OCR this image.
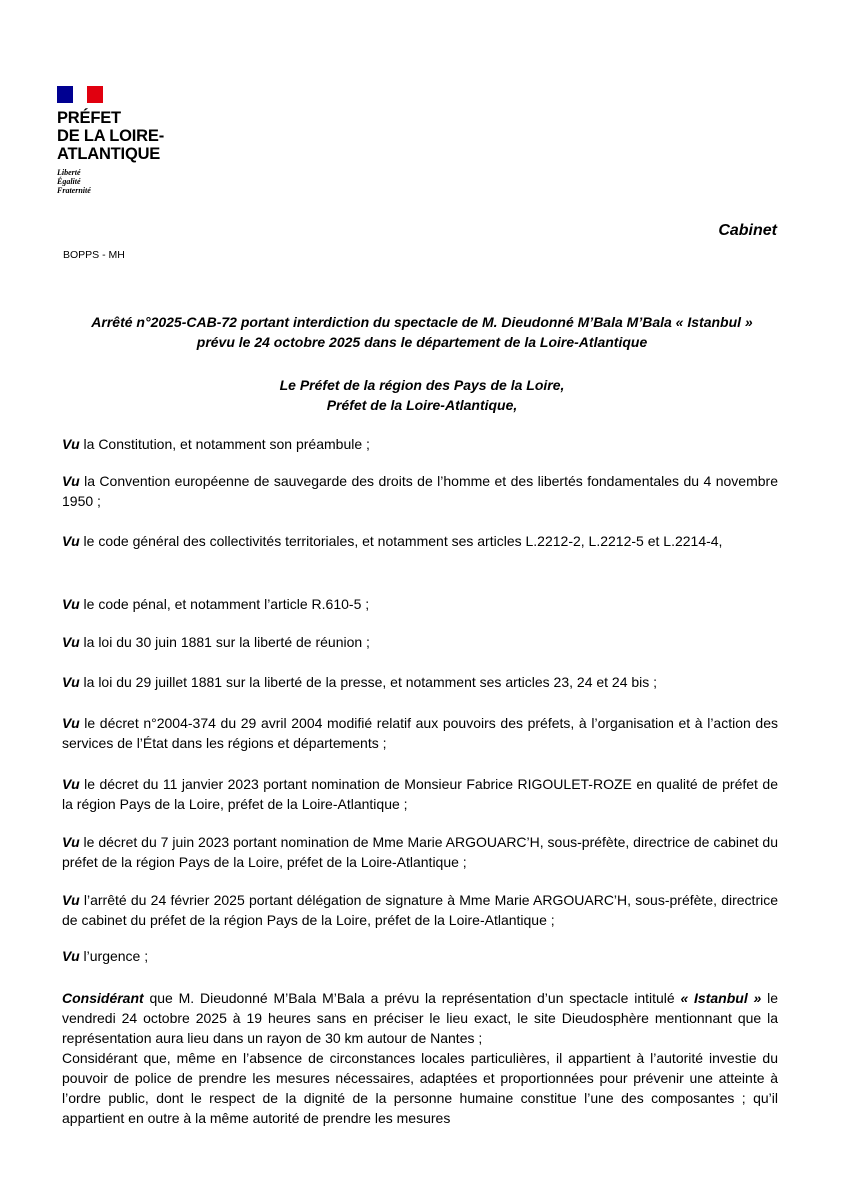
PRÉFET
DE LA LOIRE-
ATLANTIQUE
Liberté
Égalité
Fraternité
Cabinet
BOPPS - MH
Arrêté n°2025-CAB-72 portant interdiction du spectacle de M. Dieudonné M’Bala M’Bala « Istanbul »
prévu le 24 octobre 2025 dans le département de la Loire-Atlantique
Le Préfet de la région des Pays de la Loire,
Préfet de la Loire-Atlantique,
Vu la Constitution, et notamment son préambule ;
Vu la Convention européenne de sauvegarde des droits de l’homme et des libertés fondamentales du 4 novembre 1950 ;
Vu le code général des collectivités territoriales, et notamment ses articles L.2212-2, L.2212-5 et L.2214-4,
Vu le code pénal, et notamment l’article R.610-5 ;
Vu la loi du 30 juin 1881 sur la liberté de réunion ;
Vu la loi du 29 juillet 1881 sur la liberté de la presse, et notamment ses articles 23, 24 et 24 bis ;
Vu le décret n°2004-374 du 29 avril 2004 modifié relatif aux pouvoirs des préfets, à l’organisation et à l’action des services de l’État dans les régions et départements ;
Vu le décret du 11 janvier 2023 portant nomination de Monsieur Fabrice RIGOULET-ROZE en qualité de préfet de la région Pays de la Loire, préfet de la Loire-Atlantique ;
Vu le décret du 7 juin 2023 portant nomination de Mme Marie ARGOUARC’H, sous-préfète, directrice de cabinet du préfet de la région Pays de la Loire, préfet de la Loire-Atlantique ;
Vu l’arrêté du 24 février 2025 portant délégation de signature à Mme Marie ARGOUARC’H, sous-préfète, directrice de cabinet du préfet de la région Pays de la Loire, préfet de la Loire-Atlantique ;
Vu l’urgence ;
Considérant que M. Dieudonné M’Bala M’Bala a prévu la représentation d’un spectacle intitulé « Istanbul » le vendredi 24 octobre 2025 à 19 heures sans en préciser le lieu exact, le site Dieudosphère mentionnant que la représentation aura lieu dans un rayon de 30 km autour de Nantes ;
Considérant que, même en l’absence de circonstances locales particulières, il appartient à l’autorité investie du pouvoir de police de prendre les mesures nécessaires, adaptées et proportionnées pour prévenir une atteinte à l’ordre public, dont le respect de la dignité de la personne humaine constitue l’une des composantes ; qu’il appartient en outre à la même autorité de prendre les mesures
